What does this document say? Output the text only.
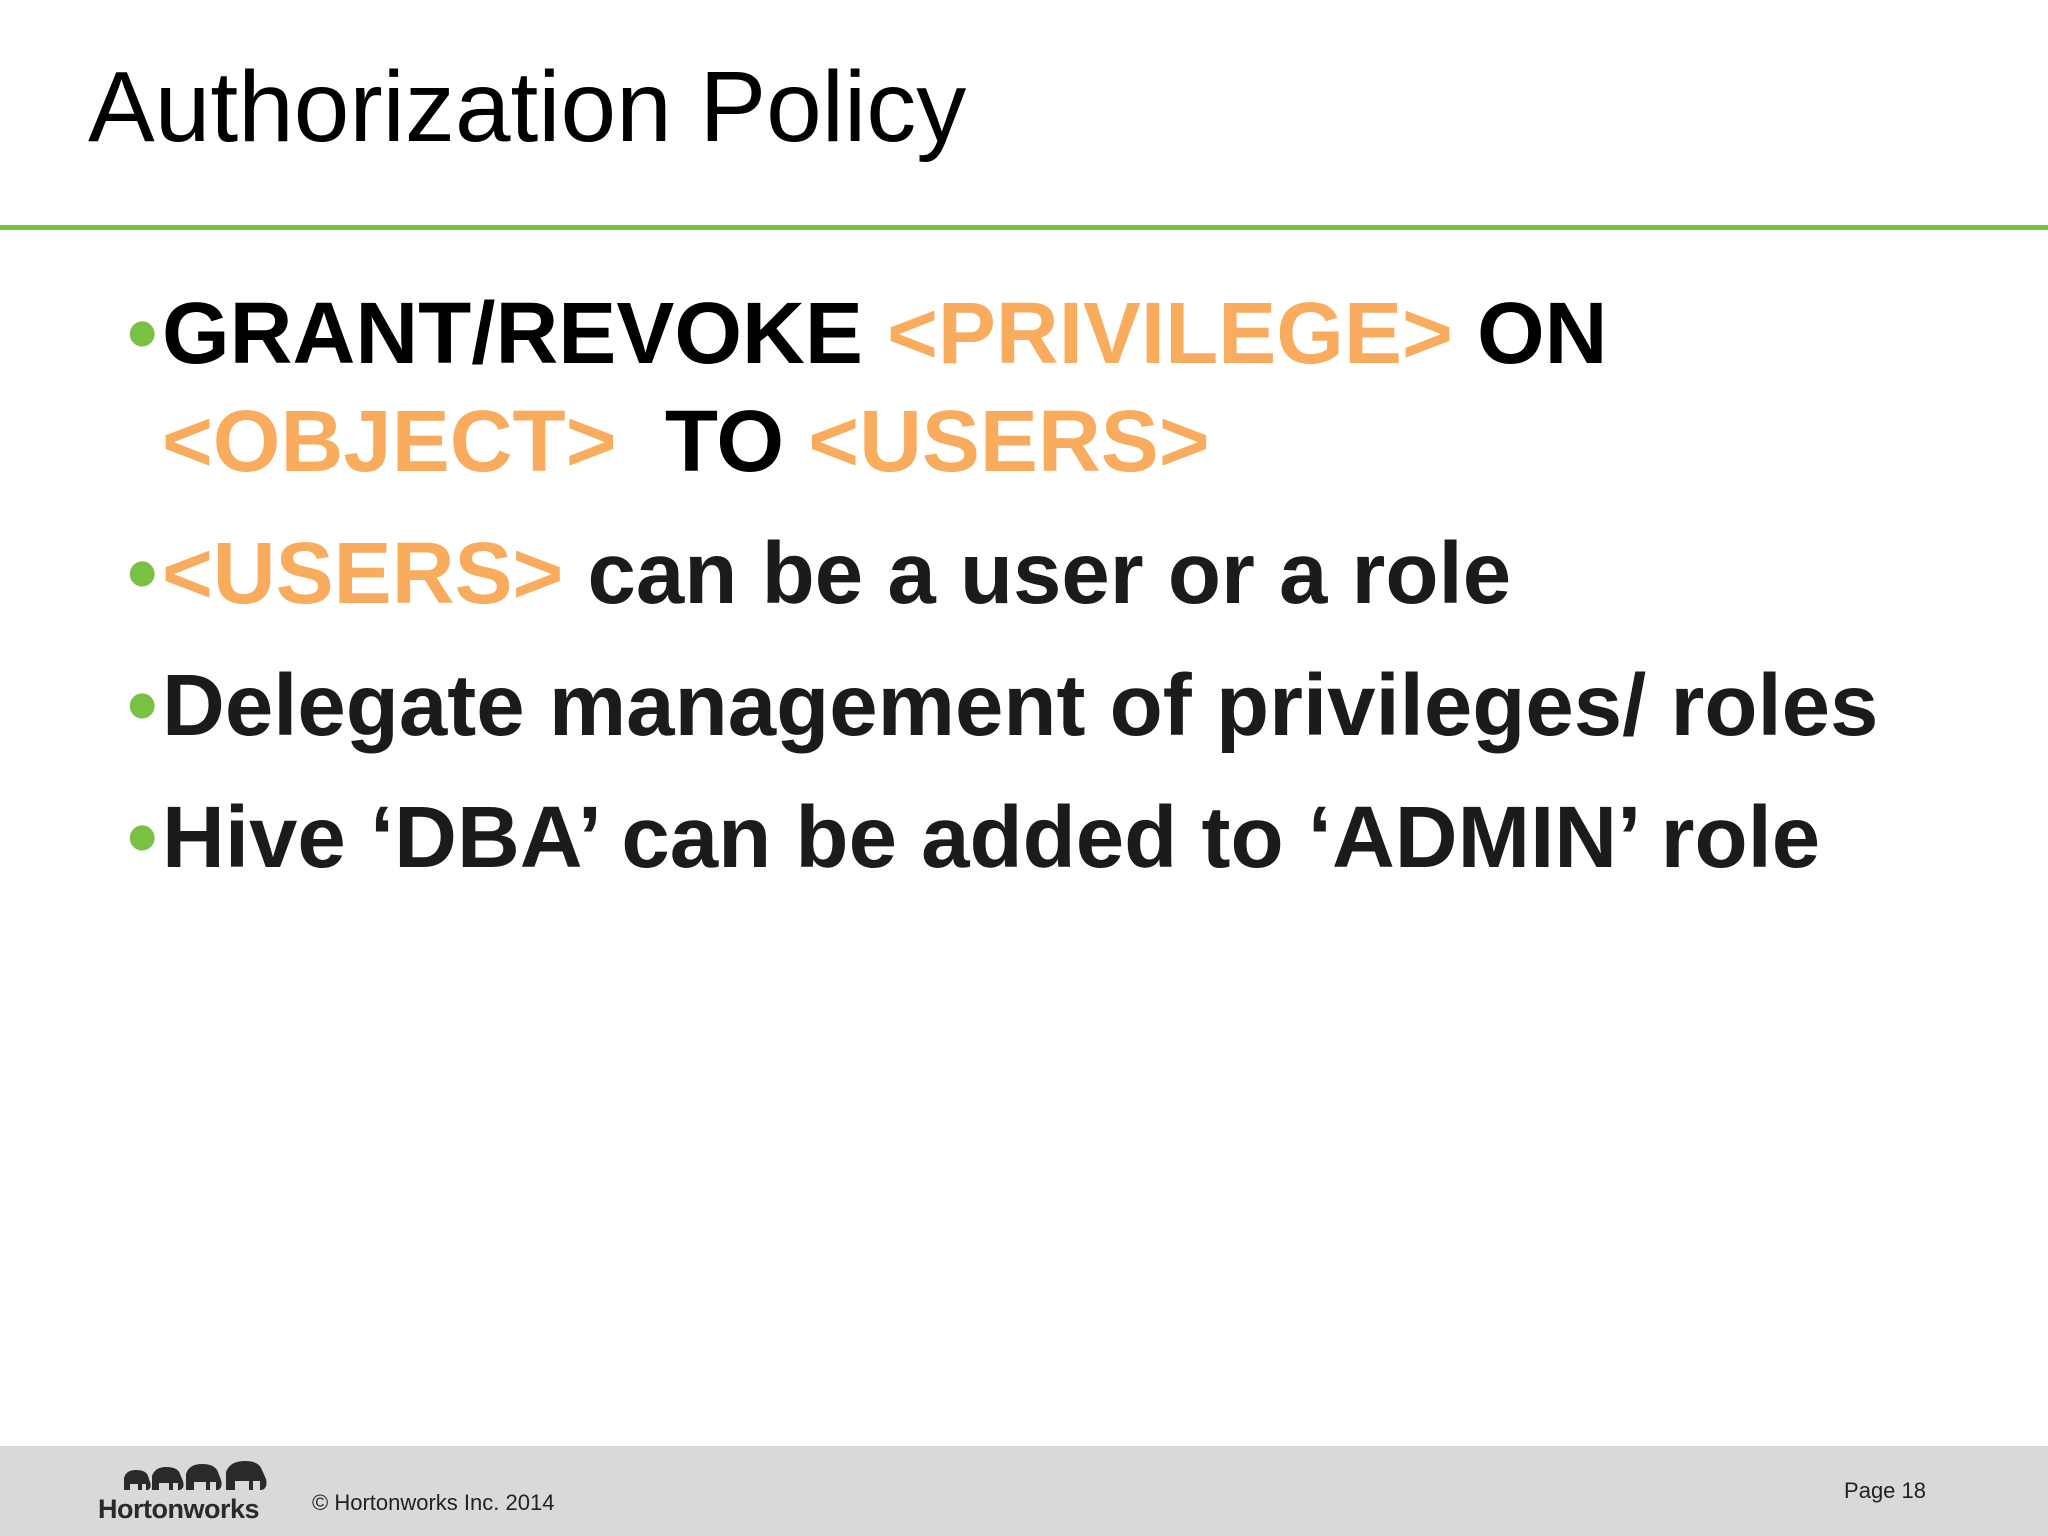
Authorization Policy
• GRANT/REVOKE <PRIVILEGE> ON
<OBJECT>  TO <USERS>
• <USERS> can be a user or a role
• Delegate management of privileges/ roles
• Hive ‘DBA’ can be added to ‘ADMIN’ role
Hortonworks © Hortonworks Inc. 2014	Page 18
